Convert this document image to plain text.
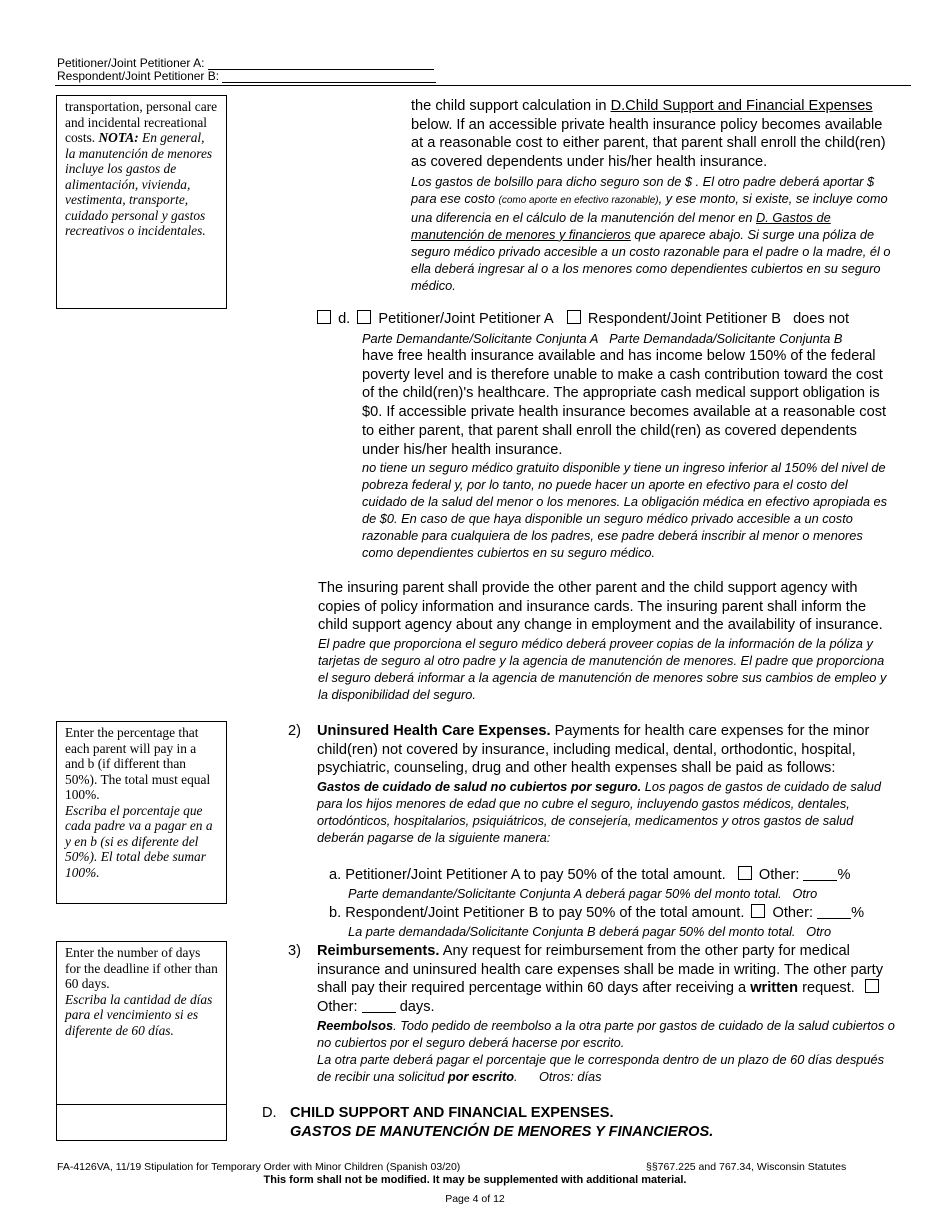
Petitioner/Joint Petitioner A:
Respondent/Joint Petitioner B:
transportation, personal care and incidental recreational costs. NOTA: En general, la manutención de menores incluye los gastos de alimentación, vivienda, vestimenta, transporte, cuidado personal y gastos recreativos o incidentales.
Enter the percentage that each parent will pay in a and b (if different than 50%). The total must equal 100%.
Escriba el porcentaje que cada padre va a pagar en a y en b (si es diferente del 50%). El total debe sumar 100%.
Enter the number of days for the deadline if other than 60 days.
Escriba la cantidad de días para el vencimiento si es diferente de 60 días.

the child support calculation in D.Child Support and Financial Expenses below. If an accessible private health insurance policy becomes available at a reasonable cost to either parent, that parent shall enroll the child(ren) as covered dependents under his/her health insurance.

Los gastos de bolsillo para dicho seguro son de $ . El otro padre deberá aportar $ para ese costo (como aporte en efectivo razonable), y ese monto, si existe, se incluye como una diferencia en el cálculo de la manutención del menor en D. Gastos de manutención de menores y financieros que aparece abajo. Si surge una póliza de seguro médico privado accesible a un costo razonable para el padre o la madre, él o ella deberá ingresar al o a los menores como dependientes cubiertos en su seguro médico.

d. Petitioner/Joint Petitioner A Respondent/Joint Petitioner B does not
Parte Demandante/Solicitante Conjunta A Parte Demandada/Solicitante Conjunta B

have free health insurance available and has income below 150% of the federal poverty level and is therefore unable to make a cash contribution toward the cost of the child(ren)'s healthcare. The appropriate cash medical support obligation is $0. If accessible private health insurance becomes available at a reasonable cost to either parent, that parent shall enroll the child(ren) as covered dependents under his/her health insurance.

no tiene un seguro médico gratuito disponible y tiene un ingreso inferior al 150% del nivel de pobreza federal y, por lo tanto, no puede hacer un aporte en efectivo para el costo del cuidado de la salud del menor o los menores. La obligación médica en efectivo apropiada es de $0. En caso de que haya disponible un seguro médico privado accesible a un costo razonable para cualquiera de los padres, ese padre deberá inscribir al menor o menores como dependientes cubiertos en su seguro médico.

The insuring parent shall provide the other parent and the child support agency with copies of policy information and insurance cards. The insuring parent shall inform the child support agency about any change in employment and the availability of insurance.

El padre que proporciona el seguro médico deberá proveer copias de la información de la póliza y tarjetas de seguro al otro padre y la agencia de manutención de menores. El padre que proporciona el seguro deberá informar a la agencia de manutención de menores sobre sus cambios de empleo y la disponibilidad del seguro.

2) Uninsured Health Care Expenses. Payments for health care expenses for the minor child(ren) not covered by insurance, including medical, dental, orthodontic, hospital, psychiatric, counseling, drug and other health expenses shall be paid as follows:

Gastos de cuidado de salud no cubiertos por seguro. Los pagos de gastos de cuidado de salud para los hijos menores de edad que no cubre el seguro, incluyendo gastos médicos, dentales, ortodónticos, hospitalarios, psiquiátricos, de consejería, medicamentos y otros gastos de salud deberán pagarse de la siguiente manera:

a. Petitioner/Joint Petitioner A to pay 50% of the total amount. Other:	%
Parte demandante/Solicitante Conjunta A deberá pagar 50% del monto total. Otro
b. Respondent/Joint Petitioner B to pay 50% of the total amount. Other:	%
La parte demandada/Solicitante Conjunta B deberá pagar 50% del monto total. Otro
3) Reimbursements. Any request for reimbursement from the other party for medical insurance and uninsured health care expenses shall be made in writing. The other party shall pay their required percentage within 60 days after receiving a written request.  Other:	days.

Reembolsos. Todo pedido de reembolso a la otra parte por gastos de cuidado de la salud cubiertos o no cubiertos por el seguro deberá hacerse por escrito.

La otra parte deberá pagar el porcentaje que le corresponda dentro de un plazo de 60 días después de recibir una solicitud por escrito. Otros: días

D. CHILD SUPPORT AND FINANCIAL EXPENSES.
GASTOS DE MANUTENCIÓN DE MENORES Y FINANCIEROS.
FA-4126VA, 11/19 Stipulation for Temporary Order with Minor Children (Spanish 03/20)	§§767.225 and 767.34, Wisconsin Statutes
This form shall not be modified. It may be supplemented with additional material.
Page 4 of 12
